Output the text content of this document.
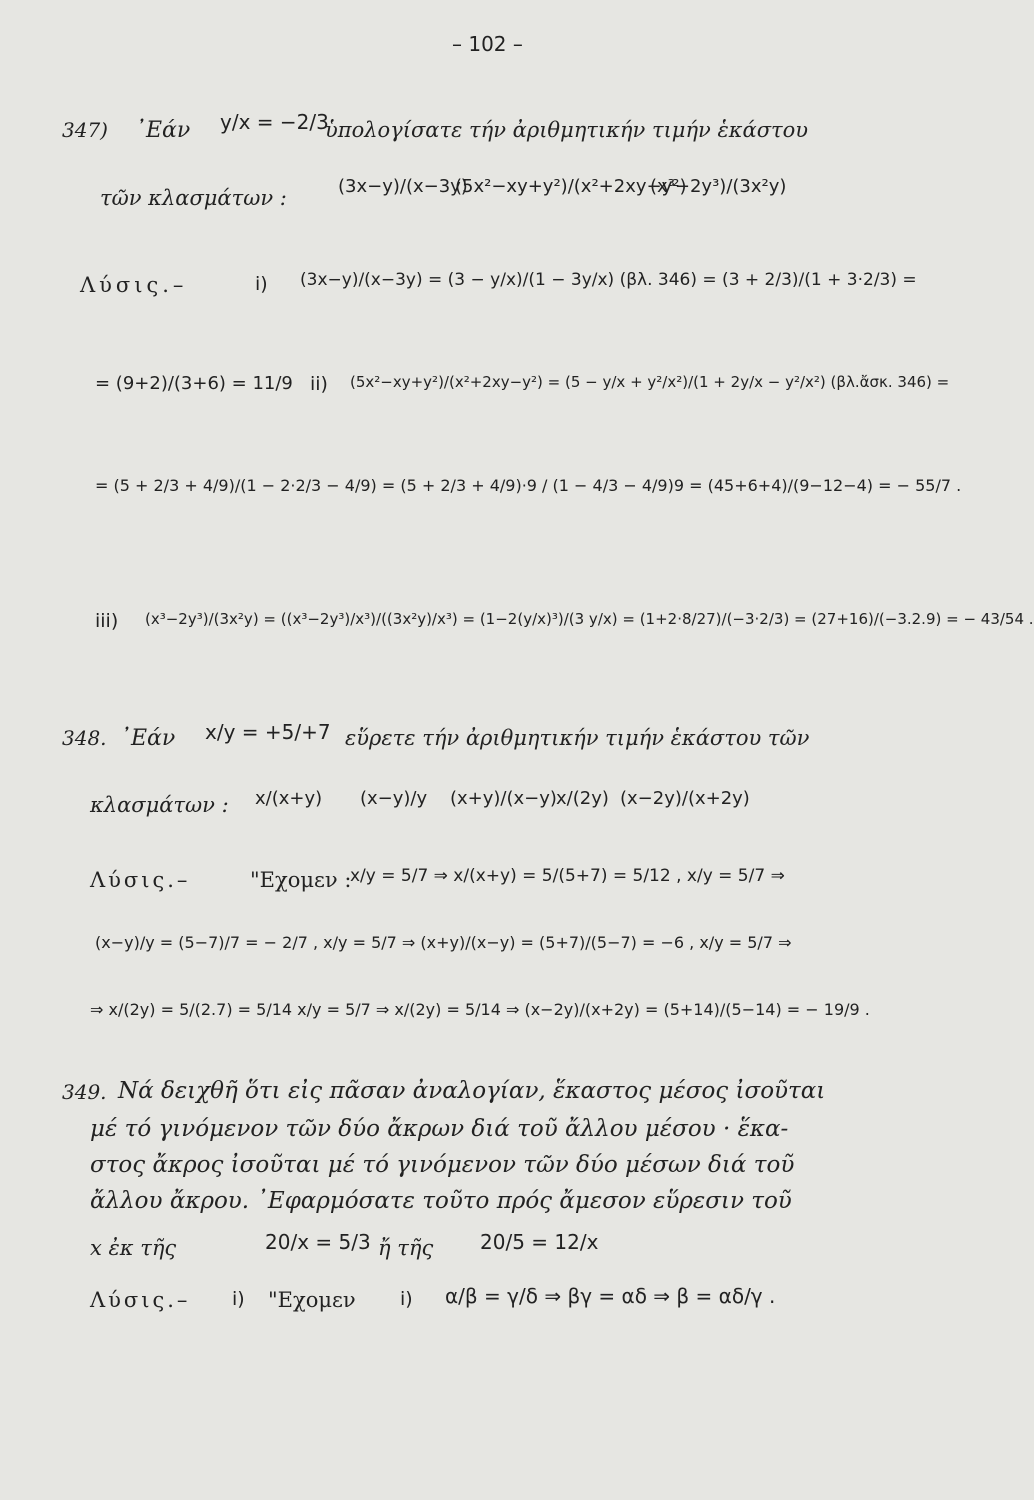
– 102 –
347) ᾽Εάν y/x = −2/3
ὑπολογίσατε τήν ἀριθμητικήν τιμήν ἑκάστου
τῶν κλασμάτων :	(3x−y)/(x−3y)
(5x²−xy+y²)/(x²+2xy−y²)
(x³−2y³)/(3x²y)
Λύσις.–	i) (3x−y)/(x−3y) = (3 − y/x)/(1 − 3y/x) (βλ. 346) = (3 + 2/3)/(1 + 3·2/3) =
= (9+2)/(3+6) = 11/9 ii) (5x²−xy+y²)/(x²+2xy−y²) = (5 − y/x + y²/x²)/(1 + 2y/x − y²/x²) (βλ.ἄσκ. 346) =
= (5 + 2/3 + 4/9)/(1 − 2·2/3 − 4/9) = (5 + 2/3 + 4/9)·9 / (1 − 4/3 − 4/9)9 = (45+6+4)/(9−12−4) = − 55/7 .
iii) (x³−2y³)/(3x²y) = ((x³−2y³)/x³)/((3x²y)/x³) = (1−2(y/x)³)/(3 y/x) = (1+2·8/27)/(−3·2/3) = (27+16)/(−3.2.9) = − 43/54 .
348. ᾽Εάν x/y = +5/+7 εὕρετε τήν ἀριθμητικήν τιμήν ἑκάστου τῶν
κλασμάτων : x/(x+y) (x−y)/y (x+y)/(x−y) x/(2y) (x−2y)/(x+2y)
Λύσις.–	"Εχομεν :
x/y = 5/7 ⇒ x/(x+y) = 5/(5+7) = 5/12 , x/y = 5/7 ⇒
(x−y)/y = (5−7)/7 = − 2/7 , x/y = 5/7 ⇒ (x+y)/(x−y) = (5+7)/(5−7) = −6 , x/y = 5/7 ⇒
⇒ x/(2y) = 5/(2.7) = 5/14 x/y = 5/7 ⇒ x/(2y) = 5/14 ⇒ (x−2y)/(x+2y) = (5+14)/(5−14) = − 19/9 .
349. Νά δειχθῆ ὅτι εἰς πᾶσαν ἀναλογίαν, ἕκαστος μέσος ἰσοῦται
μέ τό γινόμενον τῶν δύο ἄκρων διά τοῦ ἄλλου μέσου · ἕκα-
στος ἄκρος ἰσοῦται μέ τό γινόμενον τῶν δύο μέσων διά τοῦ
ἄλλου ἄκρου. ᾽Εφαρμόσατε τοῦτο πρός ἄμεσον εὕρεσιν τοῦ
x ἐκ τῆς	20/x = 5/3 ἤ τῆς 20/5 = 12/x
Λύσις.– i) "Εχομεν i) α/β = γ/δ ⇒ βγ = αδ ⇒ β = αδ/γ .
